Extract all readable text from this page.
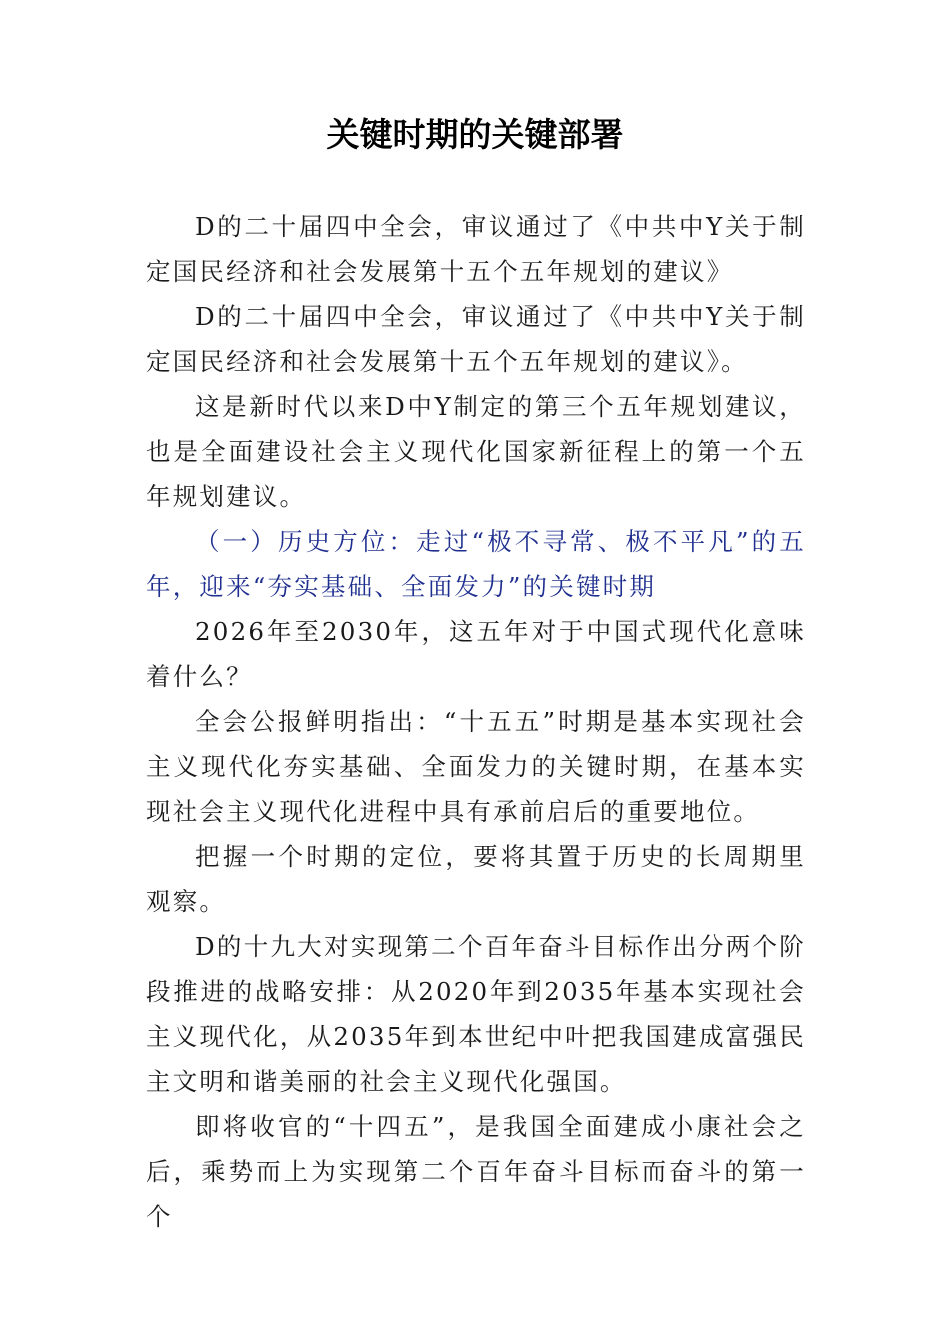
关键时期的关键部署

D的二十届四中全会，审议通过了《中共中Y关于制定国民经济和社会发展第十五个五年规划的建议》

D的二十届四中全会，审议通过了《中共中Y关于制定国民经济和社会发展第十五个五年规划的建议》。

这是新时代以来D中Y制定的第三个五年规划建议，也是全面建设社会主义现代化国家新征程上的第一个五年规划建议。

（一）历史方位：走过“极不寻常、极不平凡”的五年，迎来“夯实基础、全面发力”的关键时期

2026年至2030年，这五年对于中国式现代化意味着什么？

全会公报鲜明指出：“十五五”时期是基本实现社会主义现代化夯实基础、全面发力的关键时期，在基本实现社会主义现代化进程中具有承前启后的重要地位。

把握一个时期的定位，要将其置于历史的长周期里观察。

D的十九大对实现第二个百年奋斗目标作出分两个阶段推进的战略安排：从2020年到2035年基本实现社会主义现代化，从2035年到本世纪中叶把我国建成富强民主文明和谐美丽的社会主义现代化强国。

即将收官的“十四五”，是我国全面建成小康社会之后，乘势而上为实现第二个百年奋斗目标而奋斗的第一个
